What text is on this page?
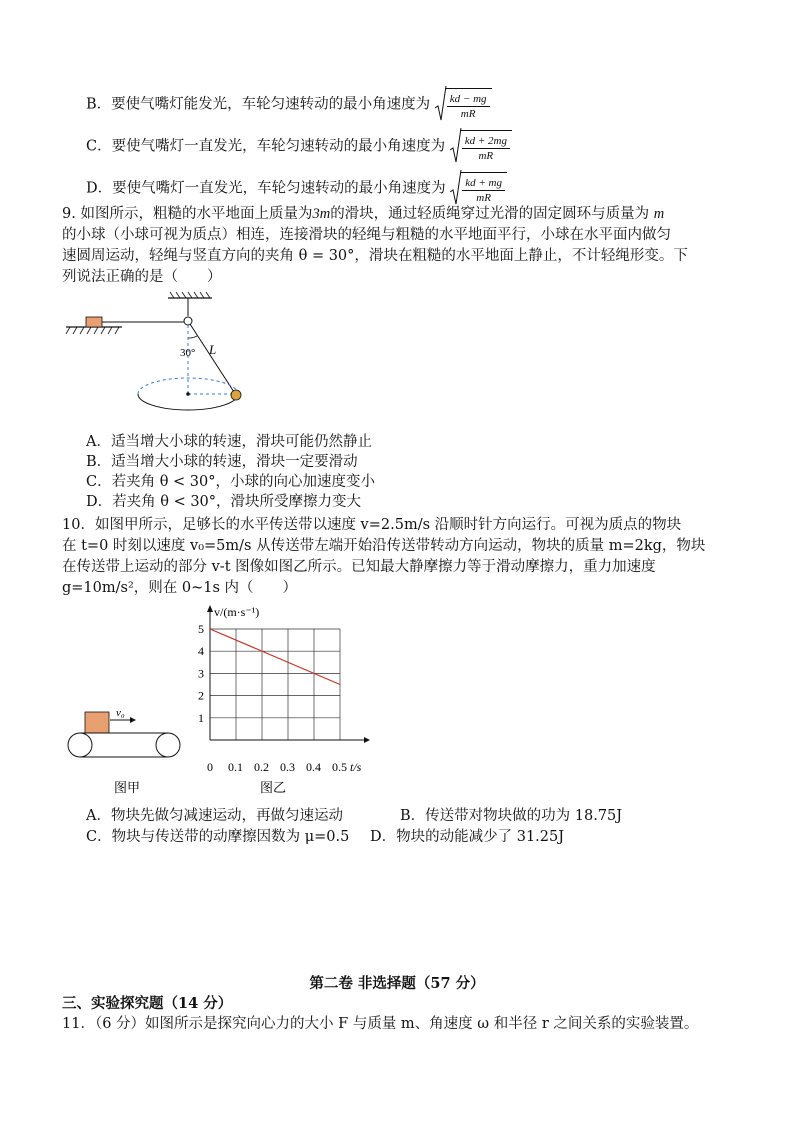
B．要使气嘴灯能发光，车轮匀速转动的最小角速度为 $\frac{kd - mg}{mR}$
C．要使气嘴灯一直发光，车轮匀速转动的最小角速度为 $\frac{kd + 2mg}{mR}$
D．要使气嘴灯一直发光，车轮匀速转动的最小角速度为 $\frac{kd + mg}{mR}$
9. 如图所示，粗糙的水平地面上质量为3m的滑块，通过轻质绳穿过光滑的固定圆环与质量为 m
的小球（小球可视为质点）相连，连接滑块的轻绳与粗糙的水平地面平行，小球在水平面内做匀
速圆周运动，轻绳与竖直方向的夹角 θ = 30°，滑块在粗糙的水平地面上静止，不计轻绳形变。下
列说法正确的是（　　）
30° L
A．适当增大小球的转速，滑块可能仍然静止
B．适当增大小球的转速，滑块一定要滑动
C．若夹角 θ < 30°，小球的向心加速度变小
D．若夹角 θ < 30°，滑块所受摩擦力变大
10．如图甲所示，足够长的水平传送带以速度 v=2.5m/s 沿顺时针方向运行。可视为质点的物块
在 t=0 时刻以速度 v₀=5m/s 从传送带左端开始沿传送带转动方向运动，物块的质量 m=2kg，物块
在传送带上运动的部分 v-t 图像如图乙所示。已知最大静摩擦力等于滑动摩擦力，重力加速度
g=10m/s²，则在 0~1s 内（　　）
v₀
图甲
0 0.1 0.2 0.3 0.4 0.5
1
2
3
4
5
v/(m·s⁻¹)
t/s
图乙
A．物块先做匀减速运动，再做匀速运动	B．传送带对物块做的功为 18.75J
C．物块与传送带的动摩擦因数为 μ=0.5 D．物块的动能减少了 31.25J
第二卷 非选择题（57 分）
三、实验探究题（14 分）
11．（6 分）如图所示是探究向心力的大小 F 与质量 m、角速度 ω 和半径 r 之间关系的实验装置。
